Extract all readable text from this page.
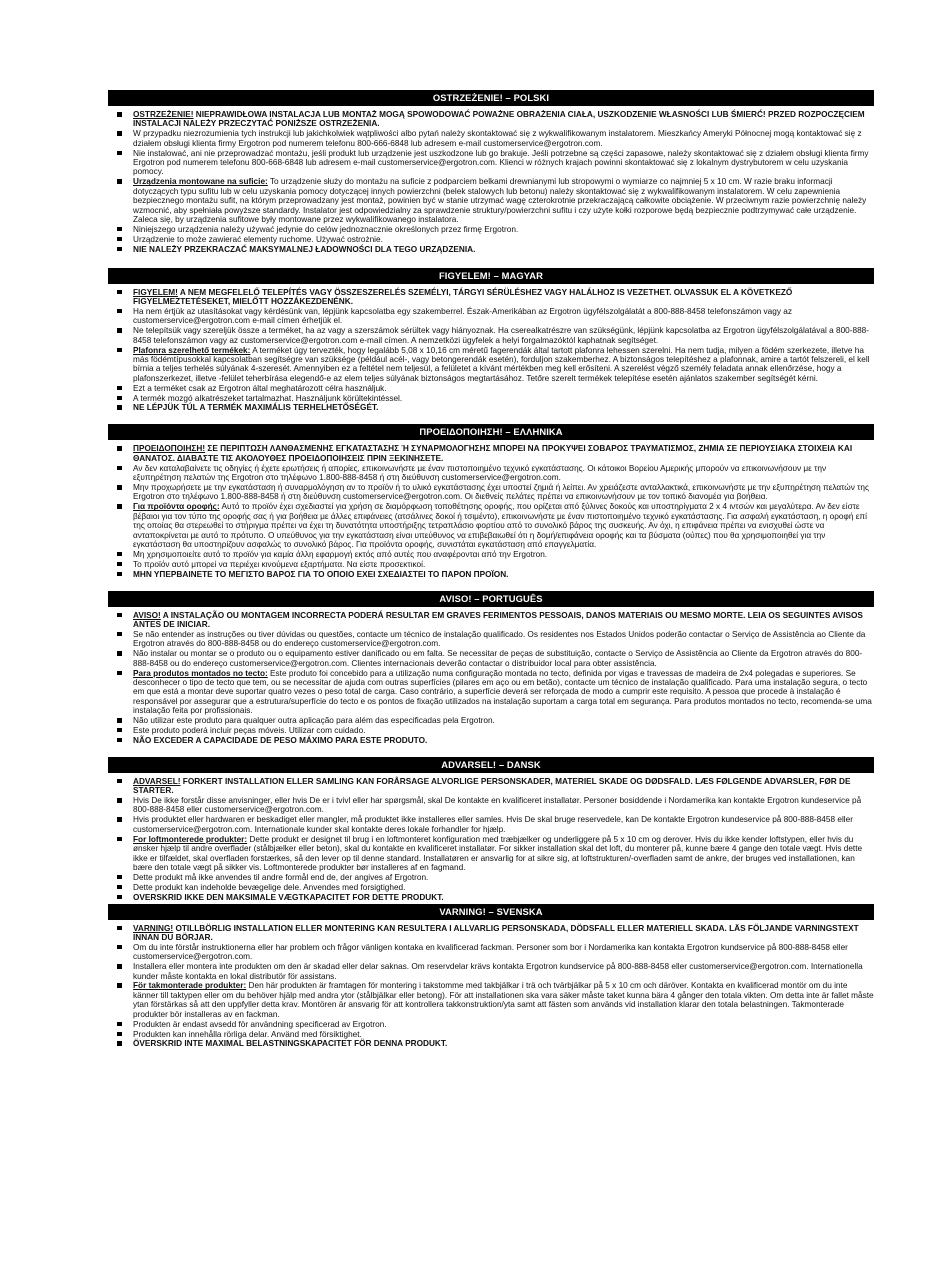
OSTRZEŻENIE! – POLSKI
OSTRZEŻENIE! NIEPRAWIDŁOWA INSTALACJA LUB MONTAŻ MOGĄ SPOWODOWAĆ POWAŻNE OBRAŻENIA CIAŁA, USZKODZENIE WŁASNOŚCI LUB ŚMIERĆ! PRZED ROZPOCZĘCIEM INSTALACJI NALEŻY PRZECZYTAĆ PONIŻSZE OSTRZEŻENIA.
W przypadku niezrozumienia tych instrukcji lub jakichkolwiek wątpliwości albo pytań należy skontaktować się z wykwalifikowanym instalatorem. Mieszkańcy Ameryki Północnej mogą kontaktować się z działem obsługi klienta firmy Ergotron pod numerem telefonu 800-666-6848 lub adresem e-mail customerservice@ergotron.com.
Nie instalować, ani nie przeprowadzać montażu, jeśli produkt lub urządzenie jest uszkodzone lub go brakuje. Jeśli potrzebne są części zapasowe, należy skontaktować się z działem obsługi klienta firmy Ergotron pod numerem telefonu 800-668-6848 lub adresem e-mail customerservice@ergotron.com. Klienci w różnych krajach powinni skontaktować się z lokalnym dystrybutorem w celu uzyskania pomocy.
Urządzenia montowane na suficie: To urządzenie służy do montażu na suficie z podparciem belkami drewnianymi lub stropowymi o wymiarze co najmniej 5 x 10 cm. W razie braku informacji dotyczących typu sufitu lub w celu uzyskania pomocy dotyczącej innych powierzchni (belek stalowych lub betonu) należy skontaktować się z wykwalifikowanym instalatorem. W celu zapewnienia bezpiecznego montażu sufit, na którym przeprowadzany jest montaż, powinien być w stanie utrzymać wagę czterokrotnie przekraczającą całkowite obciążenie. W przeciwnym razie powierzchnię należy wzmocnić, aby spełniała powyższe standardy. Instalator jest odpowiedzialny za sprawdzenie struktury/powierzchni sufitu i czy użyte kołki rozporowe będą bezpiecznie podtrzymywać całe urządzenie. Zaleca się, by urządzenia sufitowe były montowane przez wykwalifikowanego instalatora.
Niniejszego urządzenia należy używać jedynie do celów jednoznacznie określonych przez firmę Ergotron.
Urządzenie to może zawierać elementy ruchome. Używać ostrożnie.
NIE NALEŻY PRZEKRACZAĆ MAKSYMALNEJ ŁADOWNOŚCI DLA TEGO URZĄDZENIA.
FIGYELEM! – MAGYAR
FIGYELEM! A NEM MEGFELELŐ TELEPÍTÉS VAGY ÖSSZESZERELÉS SZEMÉLYI, TÁRGYI SÉRÜLÉSHEZ VAGY HALÁLHOZ IS VEZETHET. OLVASSUK EL A KÖVETKEZŐ FIGYELMEZTETÉSEKET, MIELŐTT HOZZÁKEZDENÉNK.
Ha nem értjük az utasításokat vagy kérdésünk van, lépjünk kapcsolatba egy szakemberrel. Észak-Amerikában az Ergotron ügyfélszolgálatát a 800-888-8458 telefonszámon vagy az customerservice@ergotron.com e-mail címen érhetjük el.
Ne telepítsük vagy szereljük össze a terméket, ha az vagy a szerszámok sérültek vagy hiányoznak. Ha cserealkatrészre van szükségünk, lépjünk kapcsolatba az Ergotron ügyfélszolgálatával a 800-888-8458 telefonszámon vagy az customerservice@ergotron.com e-mail címen. A nemzetközi ügyfelek a helyi forgalmazóktól kaphatnak segítséget.
Plafonra szerelhető termékek: A terméket úgy tervezték, hogy legalább 5,08 x 10,16 cm méretű fagerendák által tartott plafonra lehessen szerelni. Ha nem tudja, milyen a födém szerkezete, illetve ha más födémtípusokkal kapcsolatban segítségre van szüksége (például acél-, vagy betongerendák esetén), forduljon szakemberhez. A biztonságos telepítéshez a plafonnak, amire a tartót felszereli, el kell bírnia a teljes terhelés súlyának 4-szeresét. Amennyiben ez a feltétel nem teljesül, a felületet a kívánt mértékben meg kell erősíteni. A szerelést végző személy feladata annak ellenőrzése, hogy a plafonszerkezet, illetve -felület teherbírása elegendő-e az elem teljes súlyának biztonságos megtartásához. Tetőre szerelt termékek telepítése esetén ajánlatos szakember segítségét kérni.
Ezt a terméket csak az Ergotron által meghatározott célra használjuk.
A termék mozgó alkatrészeket tartalmazhat. Használjunk körültekintéssel.
NE LÉPJÜK TÚL A TERMÉK MAXIMÁLIS TERHELHETŐSÉGÉT.
ΠΡΟΕΙΔΟΠΟΙΗΣΗ! – ΕΛΛΗΝΙΚΑ
ΠΡΟΕΙΔΟΠΟΙΗΣΗ! ΣΕ ΠΕΡΙΠΤΩΣΗ ΛΑΝΘΑΣΜΕΝΗΣ ΕΓΚΑΤΑΣΤΑΣΗΣ Ή ΣΥΝΑΡΜΟΛΟΓΗΣΗΣ ΜΠΟΡΕΙ ΝΑ ΠΡΟΚΥΨΕΙ ΣΟΒΑΡΟΣ ΤΡΑΥΜΑΤΙΣΜΟΣ, ΖΗΜΙΑ ΣΕ ΠΕΡΙΟΥΣΙΑΚΑ ΣΤΟΙΧΕΙΑ ΚΑΙ ΘΑΝΑΤΟΣ. ΔΙΑΒΑΣΤΕ ΤΙΣ ΑΚΟΛΟΥΘΕΣ ΠΡΟΕΙΔΟΠΟΙΗΣΕΙΣ ΠΡΙΝ ΞΕΚΙΝΗΣΕΤΕ.
Αν δεν καταλαβαίνετε τις οδηγίες ή έχετε ερωτήσεις ή απορίες, επικοινωνήστε με έναν πιστοποιημένο τεχνικό εγκατάστασης. Οι κάτοικοι Βορείου Αμερικής μπορούν να επικοινωνήσουν με την εξυπηρέτηση πελατών της Ergotron στο τηλέφωνο 1.800-888-8458 ή στη διεύθυνση customerservice@ergotron.com.
Μην προχωρήσετε με την εγκατάσταση ή συναρμολόγηση αν το προϊόν ή το υλικό εγκατάστασης έχει υποστεί ζημιά ή λείπει. Αν χρειάζεστε ανταλλακτικά, επικοινωνήστε με την εξυπηρέτηση πελατών της Ergotron στο τηλέφωνο 1.800-888-8458 ή στη διεύθυνση customerservice@ergotron.com. Οι διεθνείς πελάτες πρέπει να επικοινωνήσουν με τον τοπικό διανομέα για βοήθεια.
Για προϊόντα οροφής: Αυτό το προϊόν έχει σχεδιαστεί για χρήση σε διαμόρφωση τοποθέτησης οροφής, που ορίζεται από ξύλινες δοκούς και υποστηρίγματα 2 x 4 ιντσών και μεγαλύτερα. Αν δεν είστε βέβαιοι για τον τύπο της οροφής σας ή για βοήθεια με άλλες επιφάνειες (ατσάλινες δοκοί ή τσιμέντο), επικοινωνήστε με έναν πιστοποιημένο τεχνικό εγκατάστασης. Για ασφαλή εγκατάσταση, η οροφή επί της οποίας θα στερεωθεί το στήριγμα πρέπει να έχει τη δυνατότητα υποστήριξης τετραπλάσιο φορτίου από το συνολικό βάρος της συσκευής. Αν όχι, η επιφάνεια πρέπει να ενισχυθεί ώστε να ανταποκρίνεται με αυτό το πρότυπο. Ο υπεύθυνος για την εγκατάσταση είναι υπεύθυνος να επιβεβαιωθεί ότι η δομή/επιφάνεια οροφής και τα βύσματα (ούπες) που θα χρησιμοποιηθεί για την εγκατάσταση θα υποστηρίζουν ασφαλώς το συνολικό βάρος. Για προϊόντα οροφής, συνιστάται εγκατάσταση από επαγγελματία.
Μη χρησιμοποιείτε αυτό το προϊόν για καμία άλλη εφαρμογή εκτός από αυτές που αναφέρονται από την Ergotron.
Το προϊόν αυτό μπορεί να περιέχει κινούμενα εξαρτήματα. Να είστε προσεκτικοί.
ΜΗΝ ΥΠΕΡΒΑΙΝΕΤΕ ΤΟ ΜΕΓΙΣΤΟ ΒΑΡΟΣ ΓΙΑ ΤΟ ΟΠΟΙΟ ΕΧΕΙ ΣΧΕΔΙΑΣΤΕΙ ΤΟ ΠΑΡΟΝ ΠΡΟΪΟΝ.
AVISO! – PORTUGUÊS
AVISO! A INSTALAÇÃO OU MONTAGEM INCORRECTA PODERÁ RESULTAR EM GRAVES FERIMENTOS PESSOAIS, DANOS MATERIAIS OU MESMO MORTE. LEIA OS SEGUINTES AVISOS ANTES DE INICIAR.
Se não entender as instruções ou tiver dúvidas ou questões, contacte um técnico de instalação qualificado. Os residentes nos Estados Unidos poderão contactar o Serviço de Assistência ao Cliente da Ergotron através do 800-888-8458 ou do endereço customerservice@ergotron.com.
Não instalar ou montar se o produto ou o equipamento estiver danificado ou em falta. Se necessitar de peças de substituição, contacte o Serviço de Assistência ao Cliente da Ergotron através do 800-888-8458 ou do endereço customerservice@ergotron.com. Clientes internacionais deverão contactar o distribuidor local para obter assistência.
Para produtos montados no tecto: Este produto foi concebido para a utilização numa configuração montada no tecto, definida por vigas e travessas de madeira de 2x4 polegadas e superiores. Se desconhecer o tipo de tecto que tem, ou se necessitar de ajuda com outras superfícies (pilares em aço ou em betão), contacte um técnico de instalação qualificado. Para uma instalação segura, o tecto em que está a montar deve suportar quatro vezes o peso total de carga. Caso contrário, a superfície deverá ser reforçada de modo a cumprir este requisito. A pessoa que procede à instalação é responsável por assegurar que a estrutura/superfície do tecto e os pontos de fixação utilizados na instalação suportam a carga total em segurança. Para produtos montados no tecto, recomenda-se uma instalação feita por profissionais.
Não utilizar este produto para qualquer outra aplicação para além das especificadas pela Ergotron.
Este produto poderá incluir peças móveis. Utilizar com cuidado.
NÃO EXCEDER A CAPACIDADE DE PESO MÁXIMO PARA ESTE PRODUTO.
ADVARSEL! – DANSK
ADVARSEL! FORKERT INSTALLATION ELLER SAMLING KAN FORÅRSAGE ALVORLIGE PERSONSKADER, MATERIEL SKADE OG DØDSFALD. LÆS FØLGENDE ADVARSLER, FØR DE STARTER.
Hvis De ikke forstår disse anvisninger, eller hvis De er i tvivl eller har spørgsmål, skal De kontakte en kvalificeret installatør. Personer bosiddende i Nordamerika kan kontakte Ergotron kundeservice på 800-888-8458 eller customerservice@ergotron.com.
Hvis produktet eller hardwaren er beskadiget eller mangler, må produktet ikke installeres eller samles. Hvis De skal bruge reservedele, kan De kontakte Ergotron kundeservice på 800-888-8458 eller customerservice@ergotron.com. Internationale kunder skal kontakte deres lokale forhandler for hjælp.
For loftmonterede produkter: Dette produkt er designet til brug i en loftmonteret konfiguration med træbjælker og underliggere på 5 x 10 cm og derover. Hvis du ikke kender loftstypen, eller hvis du ønsker hjælp til andre overflader (stålbjælker eller beton), skal du kontakte en kvalificeret installatør. For sikker installation skal det loft, du monterer på, kunne bære 4 gange den totale vægt. Hvis dette ikke er tilfældet, skal overfladen forstærkes, så den lever op til denne standard. Installatøren er ansvarlig for at sikre sig, at loftstrukturen/-overfladen samt de ankre, der bruges ved installationen, kan bære den totale vægt på sikker vis. Loftmonterede produkter bør installeres af en fagmand.
Dette produkt må ikke anvendes til andre formål end de, der angives af Ergotron.
Dette produkt kan indeholde bevægelige dele. Anvendes med forsigtighed.
OVERSKRID IKKE DEN MAKSIMALE VÆGTKAPACITET FOR DETTE PRODUKT.
VARNING! – SVENSKA
VARNING! OTILLBÖRLIG INSTALLATION ELLER MONTERING KAN RESULTERA I ALLVARLIG PERSONSKADA, DÖDSFALL ELLER MATERIELL SKADA. LÄS FÖLJANDE VARNINGSTEXT INNAN DU BÖRJAR.
Om du inte förstår instruktionerna eller har problem och frågor vänligen kontaka en kvalificerad fackman. Personer som bor i Nordamerika kan kontakta Ergotron kundservice på 800-888-8458 eller customerservice@ergotron.com.
Installera eller montera inte produkten om den är skadad eller delar saknas. Om reservdelar krävs kontakta Ergotron kundservice på 800-888-8458 eller customerservice@ergotron.com. Internationella kunder måste kontakta en lokal distributör för assistans.
För takmonterade produkter: Den här produkten är framtagen för montering i takstomme med takbjälkar i trä och tvärbjälkar på 5 x 10 cm och däröver. Kontakta en kvalificerad montör om du inte känner till taktypen eller om du behöver hjälp med andra ytor (stålbjälkar eller betong). För att installationen ska vara säker måste taket kunna bära 4 gånger den totala vikten. Om detta inte är fallet måste ytan förstärkas så att den uppfyller detta krav. Montören är ansvarig för att kontrollera takkonstruktion/yta samt att fästen som används vid installation klarar den totala belastningen. Takmonterade produkter bör installeras av en fackman.
Produkten är endast avsedd för användning specificerad av Ergotron.
Produkten kan innehålla rörliga delar. Använd med försiktighet.
ÖVERSKRID INTE MAXIMAL BELASTNINGSKAPACITET FÖR DENNA PRODUKT.
